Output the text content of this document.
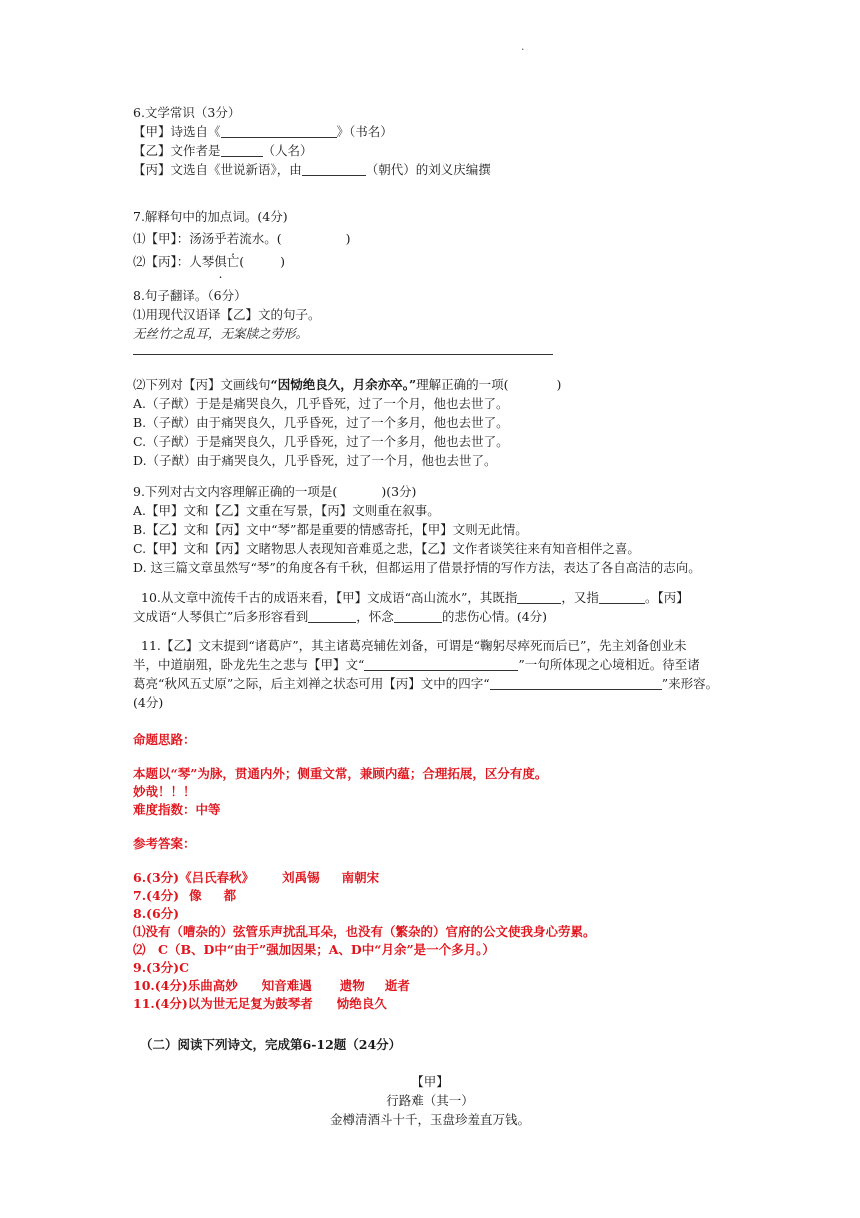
.
6.文学常识（3分）
【甲】诗选自《	》（书名）
【乙】文作者是	（人名）
【丙】文选自《世说新语》，由	（朝代）的刘义庆编撰
7.解释句中的加点词。(4分)
⑴【甲】：汤汤乎若流水。(	)
⑵【丙】：人琴俱亡(	)
8.句子翻译。（6分）
⑴用现代汉语译【乙】文的句子。
无丝竹之乱耳，无案牍之劳形。
⑵下列对【丙】文画线句“因恸绝良久，月余亦卒。”理解正确的一项(	)
A.（子猷）于是是痛哭良久，几乎昏死，过了一个月，他也去世了。
B.（子猷）由于痛哭良久，几乎昏死，过了一个多月，他也去世了。
C.（子猷）于是痛哭良久，几乎昏死，过了一个多月，他也去世了。
D.（子猷）由于痛哭良久，几乎昏死，过了一个月，他也去世了。
9.下列对古文内容理解正确的一项是(	)(3分)
A.【甲】文和【乙】文重在写景，【丙】文则重在叙事。
B.【乙】文和【丙】文中“琴”都是重要的情感寄托，【甲】文则无此情。
C.【甲】文和【丙】文睹物思人表现知音难觅之悲，【乙】文作者谈笑往来有知音相伴之喜。
D. 这三篇文章虽然写“琴”的角度各有千秋，但都运用了借景抒情的写作方法，表达了各自高洁的志向。
10.从文章中流传千古的成语来看，【甲】文成语“高山流水”，其既指	，又指	。【丙】
文成语“人琴俱亡”后多形容看到	，怀念	的悲伤心情。(4分)
11.【乙】文末提到“诸葛庐”，其主诸葛亮辅佐刘备，可谓是“鞠躬尽瘁死而后已”，先主刘备创业未
半，中道崩殂，卧龙先生之悲与【甲】文“	”一句所体现之心境相近。待至诸
葛亮“秋风五丈原”之际，后主刘禅之状态可用【丙】文中的四字“	”来形容。
(4分)
命题思路：
本题以“琴”为脉，贯通内外；侧重文常，兼顾内蕴；合理拓展，区分有度。
妙哉！！！
难度指数：中等
参考答案：
6.(3分)《吕氏春秋》 刘禹锡 南朝宋
7.(4分) 像 都
8.(6分)
⑴没有（嘈杂的）弦管乐声扰乱耳朵，也没有（繁杂的）官府的公文使我身心劳累。
⑵　C（B、D中“由于”强加因果；A、D中“月余”是一个多月。）
9.(3分)C
10.(4分)乐曲高妙 知音难遇 遗物 逝者
11.(4分)以为世无足复为鼓琴者 恸绝良久
（二）阅读下列诗文，完成第6-12题（24分）
【甲】
行路难（其一）
金樽清酒斗十千，玉盘珍羞直万钱。
